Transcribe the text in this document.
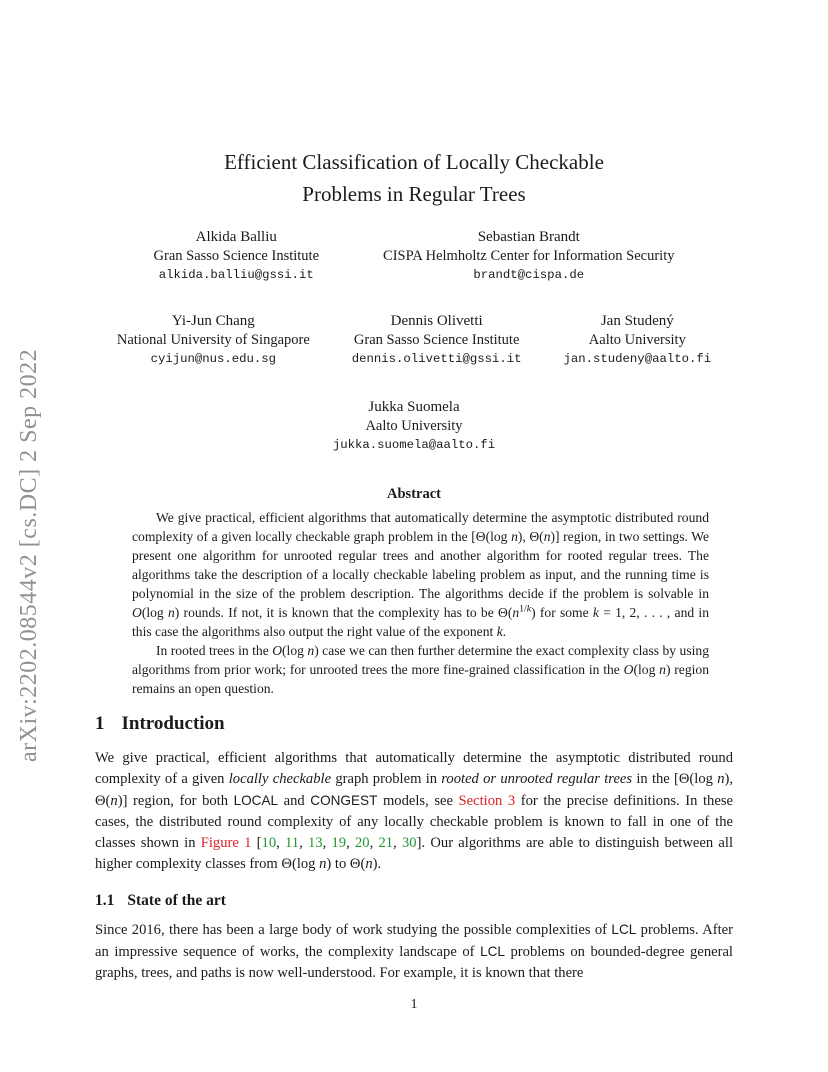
arXiv:2202.08544v2 [cs.DC] 2 Sep 2022
Efficient Classification of Locally Checkable
Problems in Regular Trees
Alkida Balliu
Gran Sasso Science Institute
alkida.balliu@gssi.it
Sebastian Brandt
CISPA Helmholtz Center for Information Security
brandt@cispa.de
Yi-Jun Chang
National University of Singapore
cyijun@nus.edu.sg
Dennis Olivetti
Gran Sasso Science Institute
dennis.olivetti@gssi.it
Jan Studený
Aalto University
jan.studeny@aalto.fi
Jukka Suomela
Aalto University
jukka.suomela@aalto.fi
Abstract

We give practical, efficient algorithms that automatically determine the asymptotic distributed round complexity of a given locally checkable graph problem in the [Θ(log n), Θ(n)] region, in two settings. We present one algorithm for unrooted regular trees and another algorithm for rooted regular trees. The algorithms take the description of a locally checkable labeling problem as input, and the running time is polynomial in the size of the problem description. The algorithms decide if the problem is solvable in O(log n) rounds. If not, it is known that the complexity has to be $\Theta(n^{1/k})$ for some k = 1, 2, . . . , and in this case the algorithms also output the right value of the exponent k.

In rooted trees in the O(log n) case we can then further determine the exact complexity class by using algorithms from prior work; for unrooted trees the more fine-grained classification in the O(log n) region remains an open question.

1 Introduction

We give practical, efficient algorithms that automatically determine the asymptotic distributed round complexity of a given locally checkable graph problem in rooted or unrooted regular trees in the [Θ(log n), Θ(n)] region, for both LOCAL and CONGEST models, see Section 3 for the precise definitions. In these cases, the distributed round complexity of any locally checkable problem is known to fall in one of the classes shown in Figure 1 [10, 11, 13, 19, 20, 21, 30]. Our algorithms are able to distinguish between all higher complexity classes from Θ(log n) to Θ(n).

1.1 State of the art

Since 2016, there has been a large body of work studying the possible complexities of LCL problems. After an impressive sequence of works, the complexity landscape of LCL problems on bounded-degree general graphs, trees, and paths is now well-understood. For example, it is known that there

1
